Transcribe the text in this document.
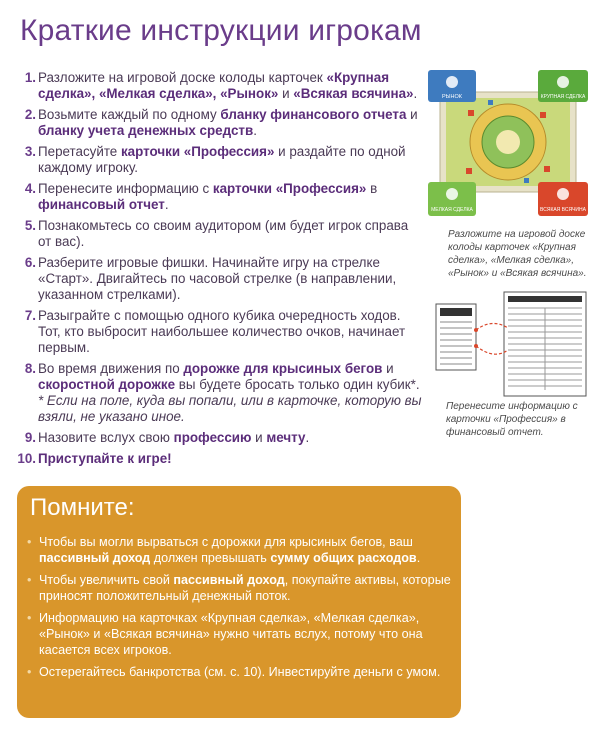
Краткие инструкции игрокам
1. Разложите на игровой доске колоды карточек «Крупная сделка», «Мелкая сделка», «Рынок» и «Всякая всячина».
2. Возьмите каждый по одному бланку финансового отчета и бланку учета денежных средств.
3. Перетасуйте карточки «Профессия» и раздайте по одной каждому игроку.
4. Перенесите информацию с карточки «Профессия» в финансовый отчет.
5. Познакомьтесь со своим аудитором (им будет игрок справа от вас).
6. Разберите игровые фишки. Начинайте игру на стрелке «Старт». Двигайтесь по часовой стрелке (в направлении, указанном стрелками).
7. Разыграйте с помощью одного кубика очередность ходов. Тот, кто выбросит наибольшее количество очков, начинает первым.
8. Во время движения по дорожке для крысиных бегов и скоростной дорожке вы будете бросать только один кубик*. * Если на поле, куда вы попали, или в карточке, которую вы взяли, не указано иное.
9. Назовите вслух свою профессию и мечту.
10. Приступайте к игре!
РЫНОК	КРУПНАЯ СДЕЛКА
МЕЛКАЯ СДЕЛКА	ВСЯКАЯ ВСЯЧИНА
Разложите на игровой доске колоды карточек «Крупная сделка», «Мелкая сделка», «Рынок» и «Всякая всячина».
Перенесите информацию с карточки «Профессия» в финансовый отчет.
Помните:
• Чтобы вы могли вырваться с дорожки для крысиных бегов, ваш пассивный доход должен превышать сумму общих расходов.
• Чтобы увеличить свой пассивный доход, покупайте активы, которые приносят положительный денежный поток.
• Информацию на карточках «Крупная сделка», «Мелкая сделка», «Рынок» и «Всякая всячина» нужно читать вслух, потому что она касается всех игроков.
• Остерегайтесь банкротства (см. с. 10). Инвестируйте деньги с умом.
